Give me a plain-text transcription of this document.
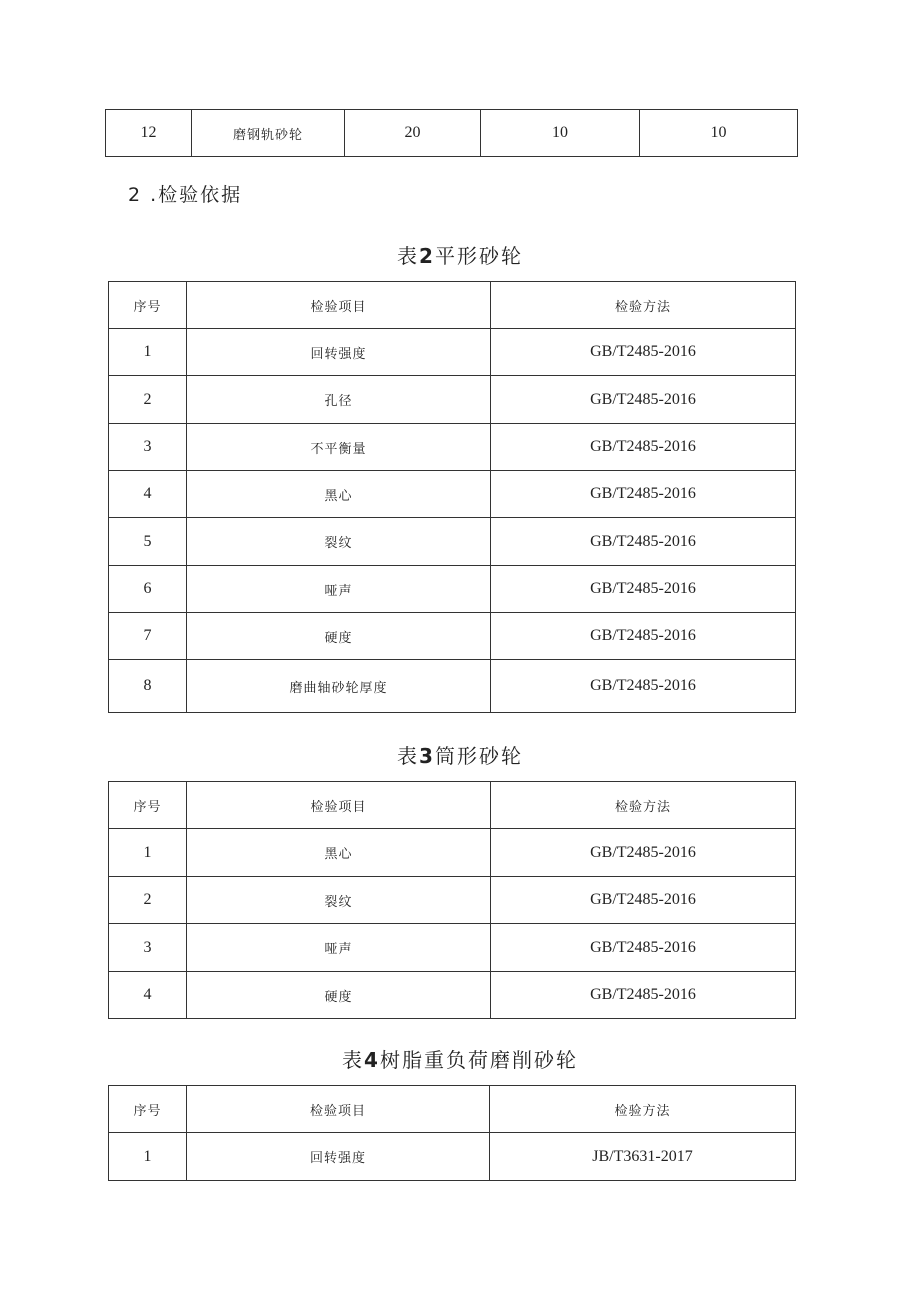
12	磨钢轨砂轮	20	10	10
2 .检验依据
表2平形砂轮
序号	检验项目	检验方法
1	回转强度	GB/T2485-2016
2	孔径	GB/T2485-2016
3	不平衡量	GB/T2485-2016
4	黑心	GB/T2485-2016
5	裂纹	GB/T2485-2016
6	哑声	GB/T2485-2016
7	硬度	GB/T2485-2016
8	磨曲轴砂轮厚度	GB/T2485-2016
表3筒形砂轮
序号	检验项目	检验方法
1	黑心	GB/T2485-2016
2	裂纹	GB/T2485-2016
3	哑声	GB/T2485-2016
4	硬度	GB/T2485-2016
表4树脂重负荷磨削砂轮
序号	检验项目	检验方法
1	回转强度	JB/T3631-2017
